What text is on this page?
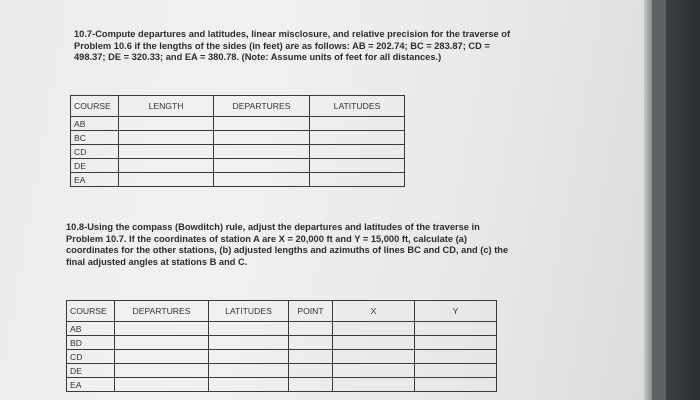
10.7-Compute departures and latitudes, linear misclosure, and relative precision for the traverse of
Problem 10.6 if the lengths of the sides (in feet) are as follows: AB = 202.74; BC = 283.87; CD =
498.37; DE = 320.33; and EA = 380.78. (Note: Assume units of feet for all distances.)

COURSE	LENGTH	DEPARTURES	LATITUDES
AB			
BC			
CD			
DE			
EA			

10.8-Using the compass (Bowditch) rule, adjust the departures and latitudes of the traverse in
Problem 10.7. If the coordinates of station A are X = 20,000 ft and Y = 15,000 ft, calculate (a)
coordinates for the other stations, (b) adjusted lengths and azimuths of lines BC and CD, and (c) the
final adjusted angles at stations B and C.

COURSE	DEPARTURES	LATITUDES	POINT	X	Y
AB					
BD					
CD					
DE					
EA					
